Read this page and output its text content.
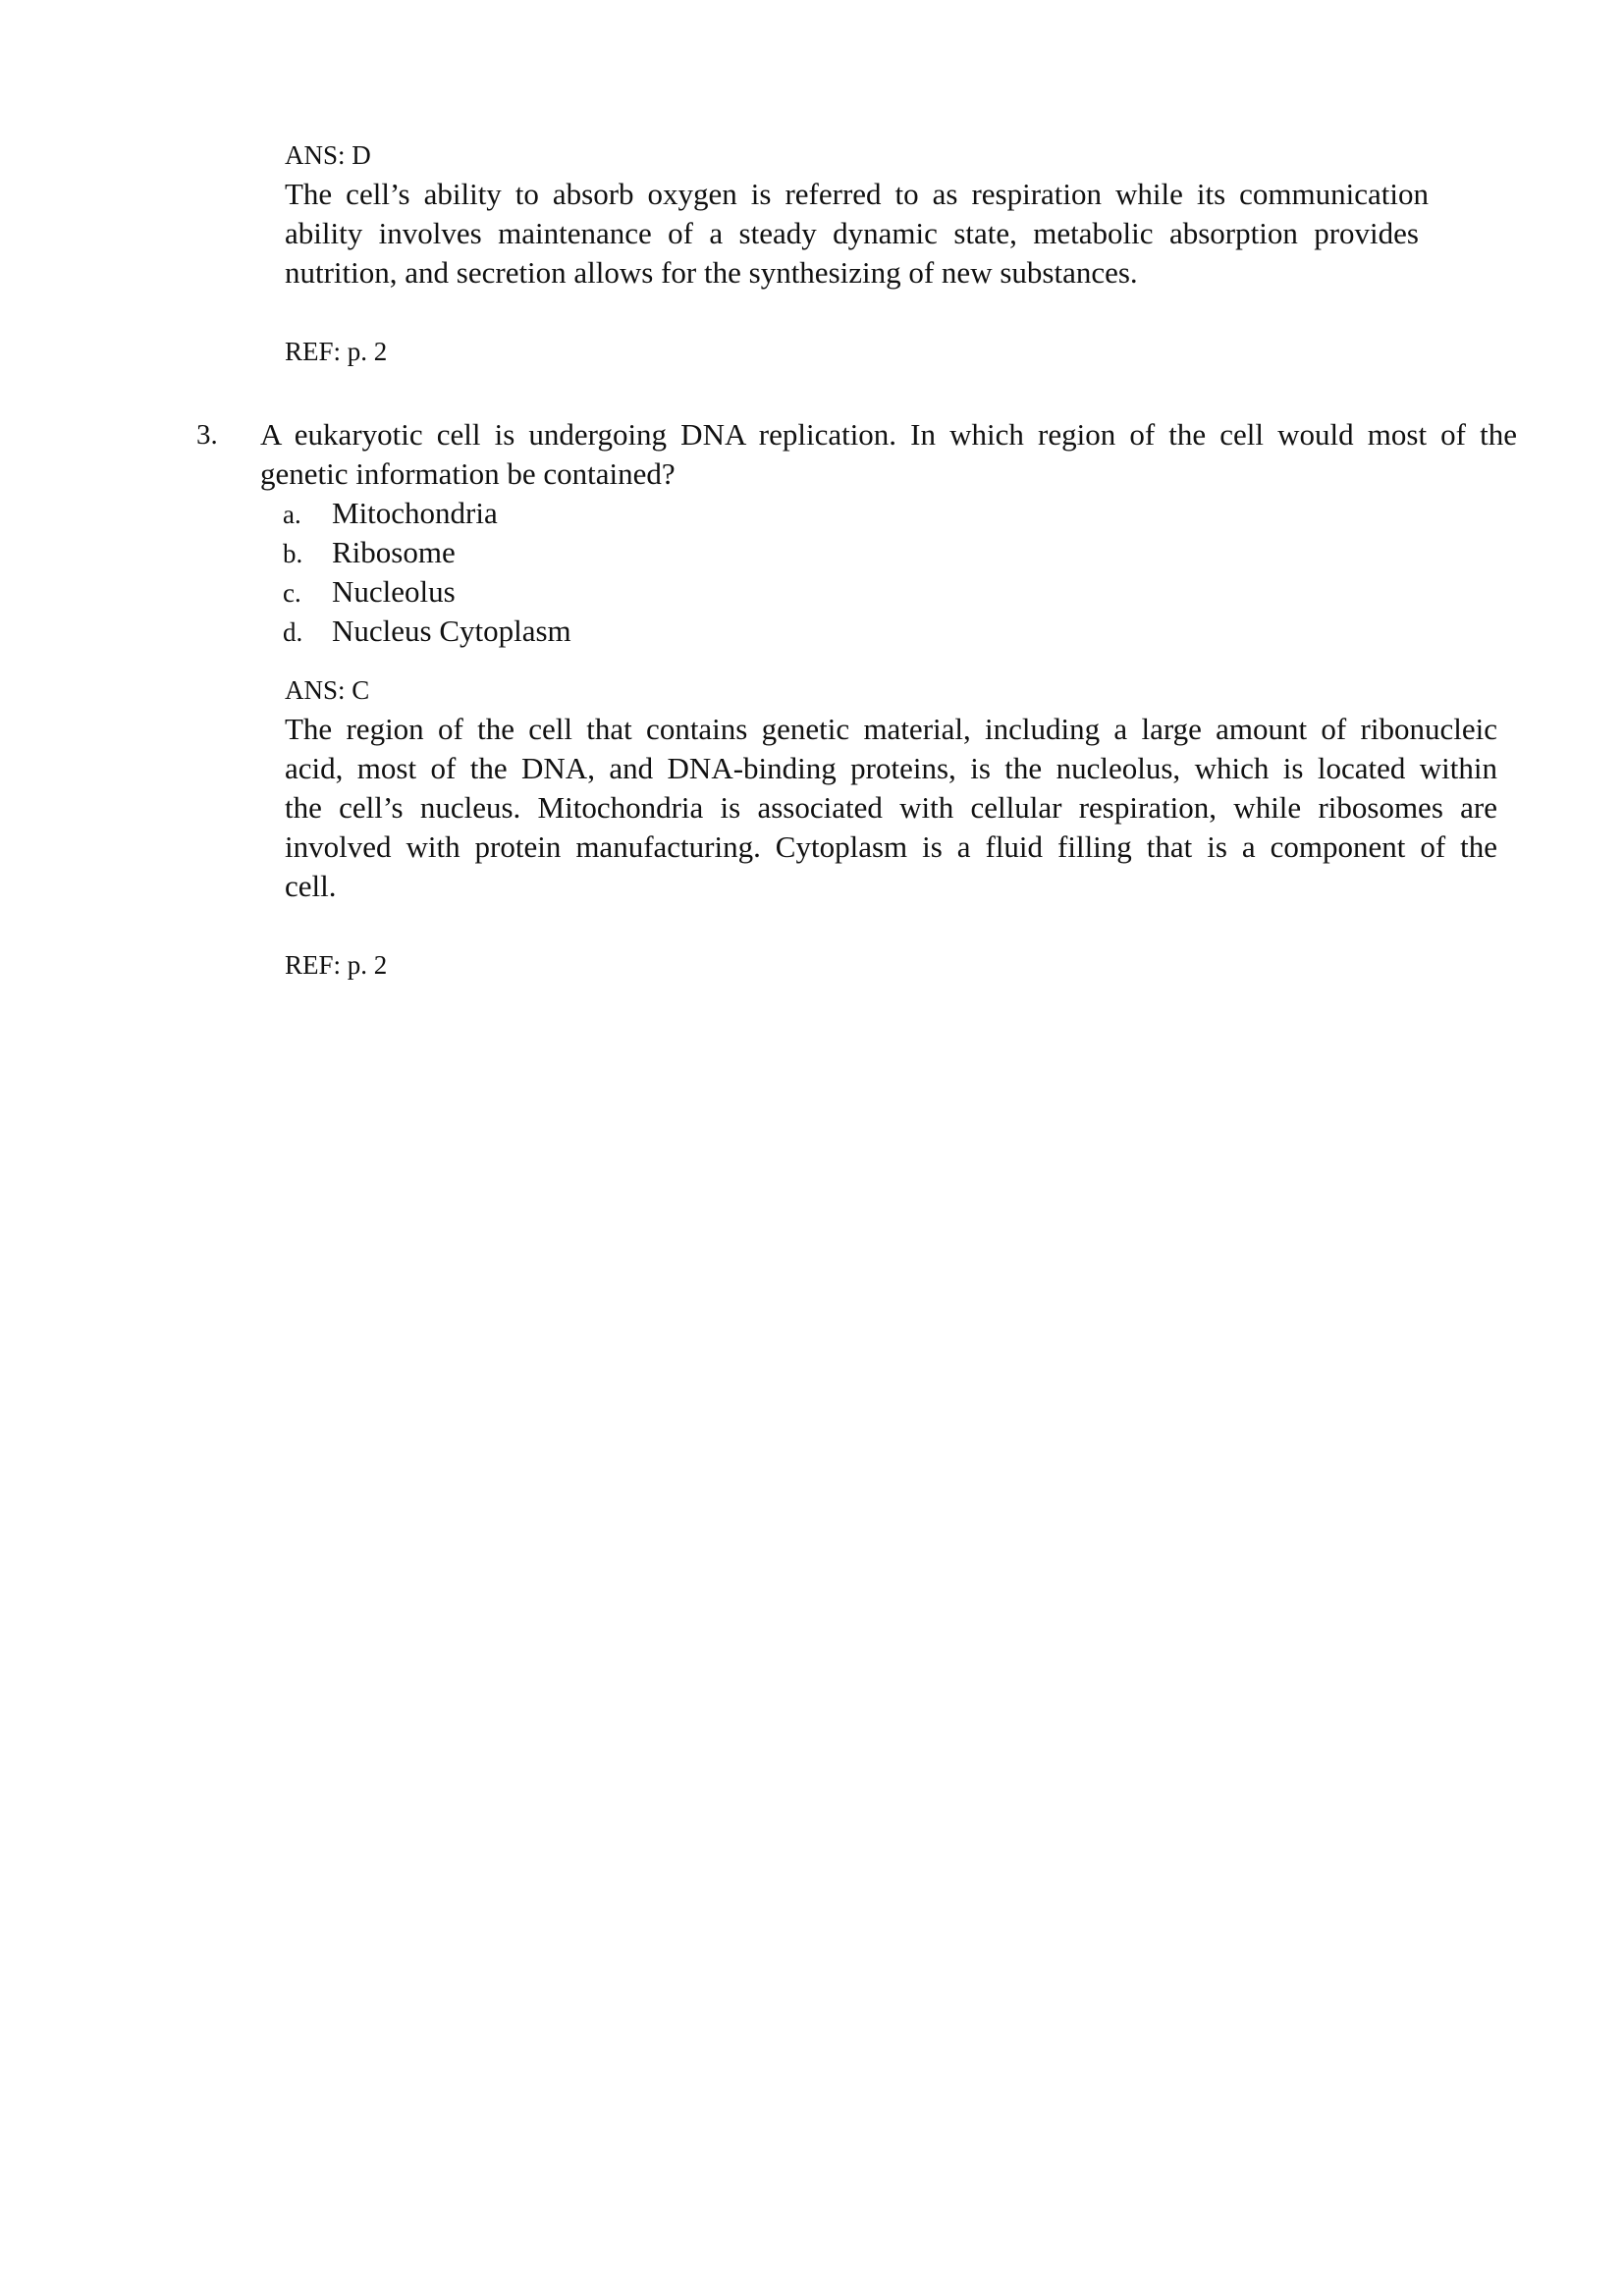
ANS: D
The cell’s ability to absorb oxygen is referred to as respiration while its communication
ability involves maintenance of a steady dynamic state, metabolic absorption provides
nutrition, and secretion allows for the synthesizing of new substances.
REF: p. 2
3. A eukaryotic cell is undergoing DNA replication. In which region of the cell would most of the
genetic information be contained?
a. Mitochondria
b. Ribosome
c. Nucleolus
d. Nucleus Cytoplasm
ANS: C
The region of the cell that contains genetic material, including a large amount of ribonucleic
acid, most of the DNA, and DNA-binding proteins, is the nucleolus, which is located within
the cell’s nucleus. Mitochondria is associated with cellular respiration, while ribosomes are
involved with protein manufacturing. Cytoplasm is a fluid filling that is a component of the
cell.
REF: p. 2
